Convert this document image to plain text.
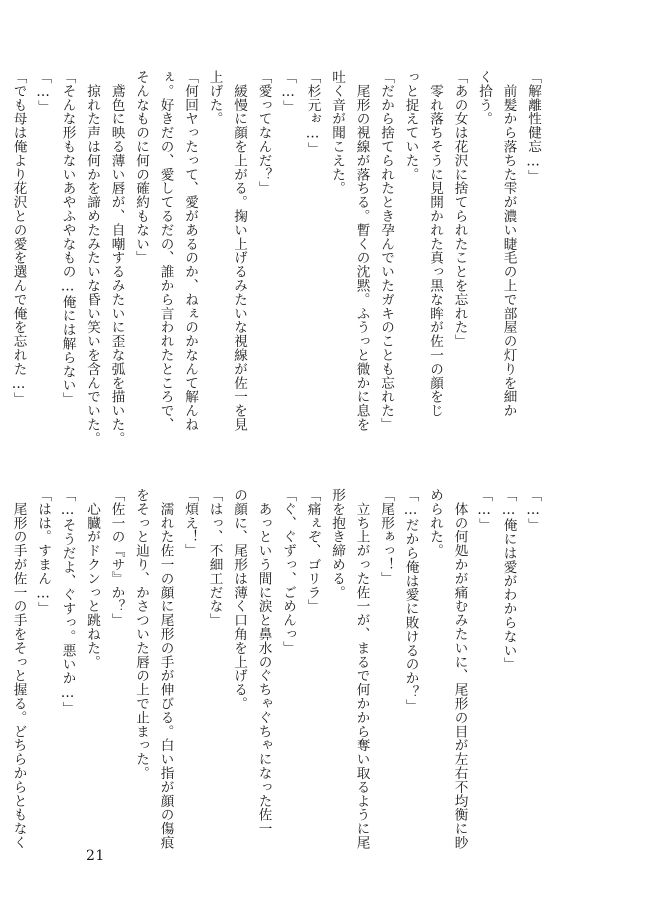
「解離性健忘…」
　前髪から落ちた雫が濃い睫毛の上で部屋の灯りを細か
く拾う。
「あの女は花沢に捨てられたことを忘れた」
　零れ落ちそうに見開かれた真っ黒な眸が佐一の顔をじ
っと捉えていた。
「だから捨てられたとき孕んでいたガキのことも忘れた」
　尾形の視線が落ちる。暫くの沈黙。ふうっと微かに息を
吐く音が聞こえた。
「杉元ぉ…」
「…」
「愛ってなんだ？」
　緩慢に顔を上がる。掬い上げるみたいな視線が佐一を見
上げた。
「何回ヤったって、愛があるのか、ねぇのかなんて解んね
ぇ。好きだの、愛してるだの、誰から言われたところで、
そんなものに何の確約もない」
　鳶色に映る薄い唇が、自嘲するみたいに歪な弧を描いた。
　掠れた声は何かを諦めたみたいな昏い笑いを含んでいた。
「そんな形もないあやふやなもの…俺には解らない」
「…」
「でも母は俺より花沢との愛を選んで俺を忘れた…」
「…」
「…俺には愛がわからない」
「…」
　体の何処かが痛むみたいに、尾形の目が左右不均衡に眇
められた。
「…だから俺は愛に敗けるのか？」
「尾形ぁっ！」
　立ち上がった佐一が、まるで何かから奪い取るように尾
形を抱き締める。
「痛ぇぞ、ゴリラ」
「ぐ、ぐずっ、ごめんっ」
　あっという間に涙と鼻水のぐちゃぐちゃになった佐一
の顔に、尾形は薄く口角を上げる。
「はっ、不細工だな」
「煩え！」
　濡れた佐一の顔に尾形の手が伸びる。白い指が顔の傷痕
をそっと辿り、かさついた唇の上で止まった。
「佐一の『サ』か？」
　心臓がドクンっと跳ねた。
「…そうだよ、ぐすっ。悪いか…」
「はは。すまん…」
　尾形の手が佐一の手をそっと握る。どちらからともなく
21
